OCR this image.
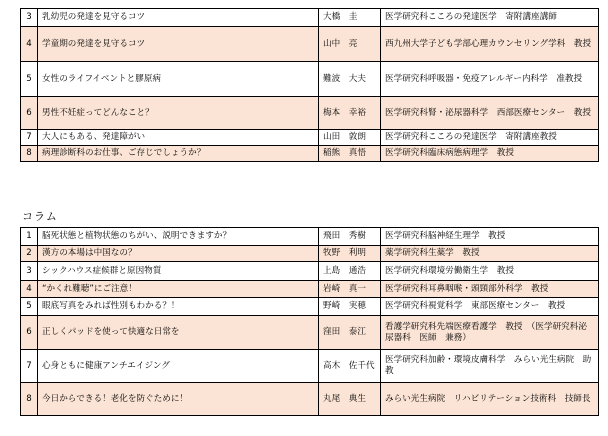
3	乳幼児の発達を見守るコツ	大橋　圭	医学研究科こころの発達医学　寄附講座講師
4	学童期の発達を見守るコツ	山中　亮	西九州大学子ども学部心理カウンセリング学科　教授
5	女性のライフイベントと膠原病	難波　大夫	医学研究科呼吸器・免疫アレルギー内科学　准教授
6	男性不妊症ってどんなこと？	梅本　幸裕	医学研究科腎・泌尿器科学　西部医療センター　教授
7	大人にもある、発達障がい	山田　敦朗	医学研究科こころの発達医学　寄附講座教授
8	病理診断科のお仕事、ご存じでしょうか？	稲熊　真悟	医学研究科臨床病態病理学　教授
コラム
1	脳死状態と植物状態のちがい、説明できますか？	飛田　秀樹	医学研究科脳神経生理学　教授
2	漢方の本場は中国なの？	牧野　利明	薬学研究科生薬学　教授
3	シックハウス症候群と原因物質	上島　通浩	医学研究科環境労働衛生学　教授
4	“かくれ難聴”にご注意！	岩崎　真一	医学研究科耳鼻咽喉・頭頸部外科学　教授
5	眼底写真をみれば性別もわかる？！	野崎　実穂	医学研究科視覚科学　東部医療センター　教授
6	正しくパッドを使って快適な日常を	窪田　泰江	看護学研究科先端医療看護学　教授　（医学研究科泌尿器科　医師　兼務）
7	心身ともに健康アンチエイジング	高木　佐千代	医学研究科加齢・環境皮膚科学　みらい光生病院　助教
8	今日からできる！老化を防ぐために！	丸尾　典生	みらい光生病院　リハビリテーション技術科　技師長
